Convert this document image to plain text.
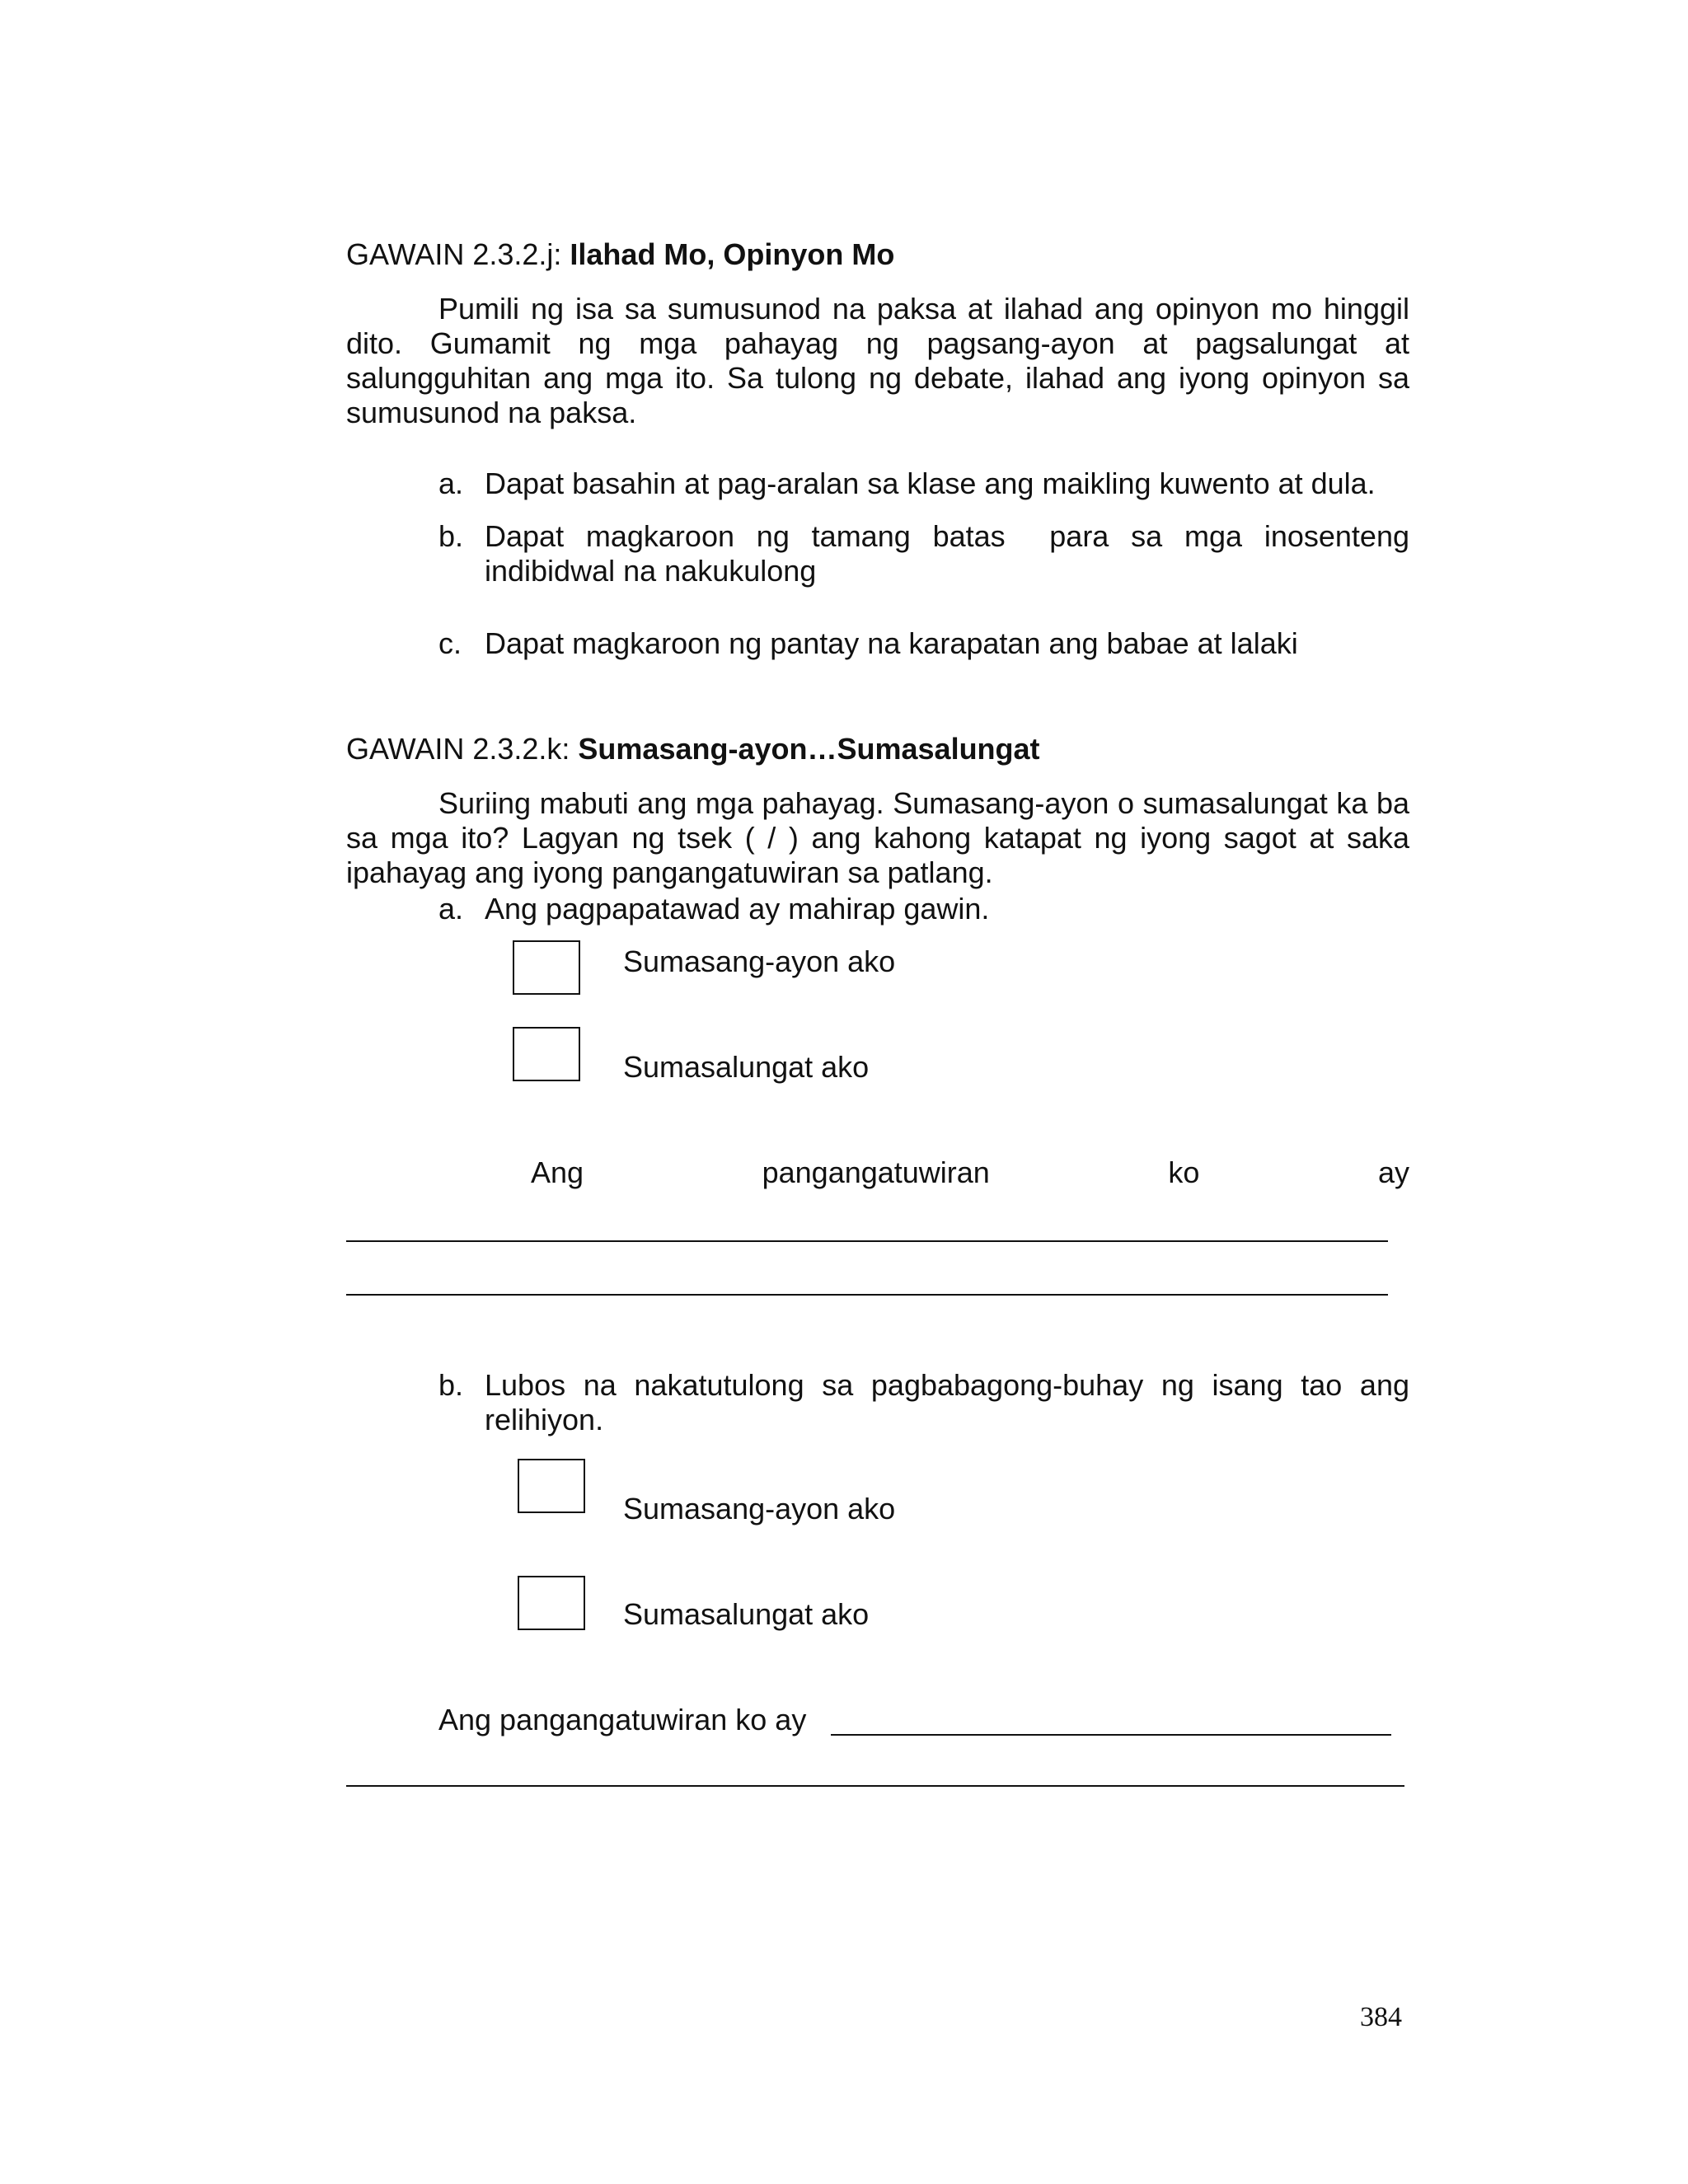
GAWAIN 2.3.2.j: Ilahad Mo, Opinyon Mo
Pumili ng isa sa sumusunod na paksa at ilahad ang opinyon mo hinggil dito. Gumamit ng mga pahayag ng pagsang-ayon at pagsalungat at salungguhitan ang mga ito. Sa tulong ng debate, ilahad ang iyong opinyon sa sumusunod na paksa.
a. Dapat basahin at pag-aralan sa klase ang maikling kuwento at dula.
b. Dapat magkaroon ng tamang batas  para sa mga inosenteng indibidwal na nakukulong
c. Dapat magkaroon ng pantay na karapatan ang babae at lalaki
GAWAIN 2.3.2.k: Sumasang-ayon…Sumasalungat
Suriing mabuti ang mga pahayag. Sumasang-ayon o sumasalungat ka ba sa mga ito? Lagyan ng tsek ( / ) ang kahong katapat ng iyong sagot at saka ipahayag ang iyong pangangatuwiran sa patlang.
a. Ang pagpapatawad ay mahirap gawin.
Sumasang-ayon ako
Sumasalungat ako
Ang	pangangatuwiran	ko	ay
b. Lubos na nakatutulong sa pagbabagong-buhay ng isang tao ang relihiyon.
Sumasang-ayon ako
Sumasalungat ako
Ang pangangatuwiran ko ay
384
